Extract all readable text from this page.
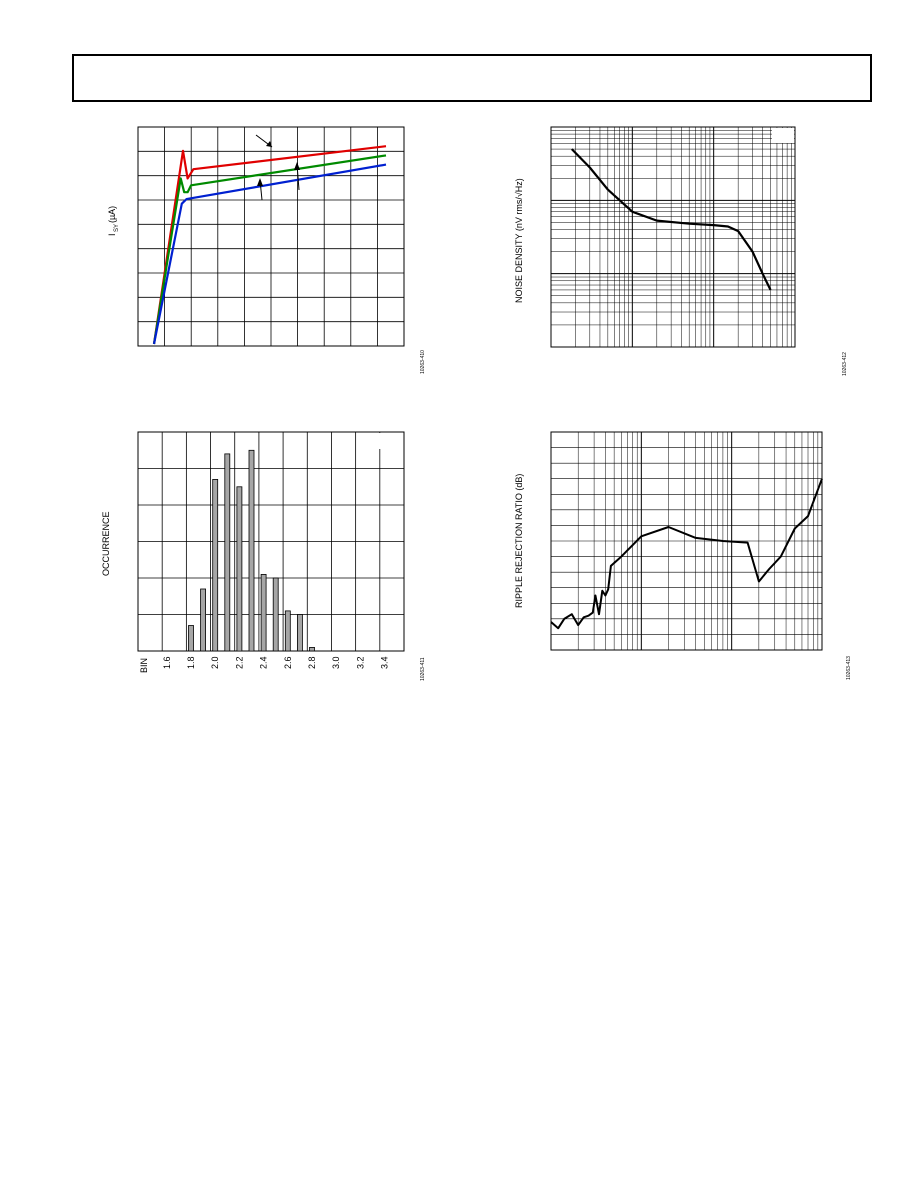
I
SY
(µA)
10263-410
NOISE DENSITY (nV rms/√Hz)
10263-412
1.6 1.8 2.0 2.2 2.4 2.6 2.8 3.0 3.2 3.4
BIN
OCCURRENCE
10263-411
RIPPLE REJECTION RATIO (dB)
10263-413
